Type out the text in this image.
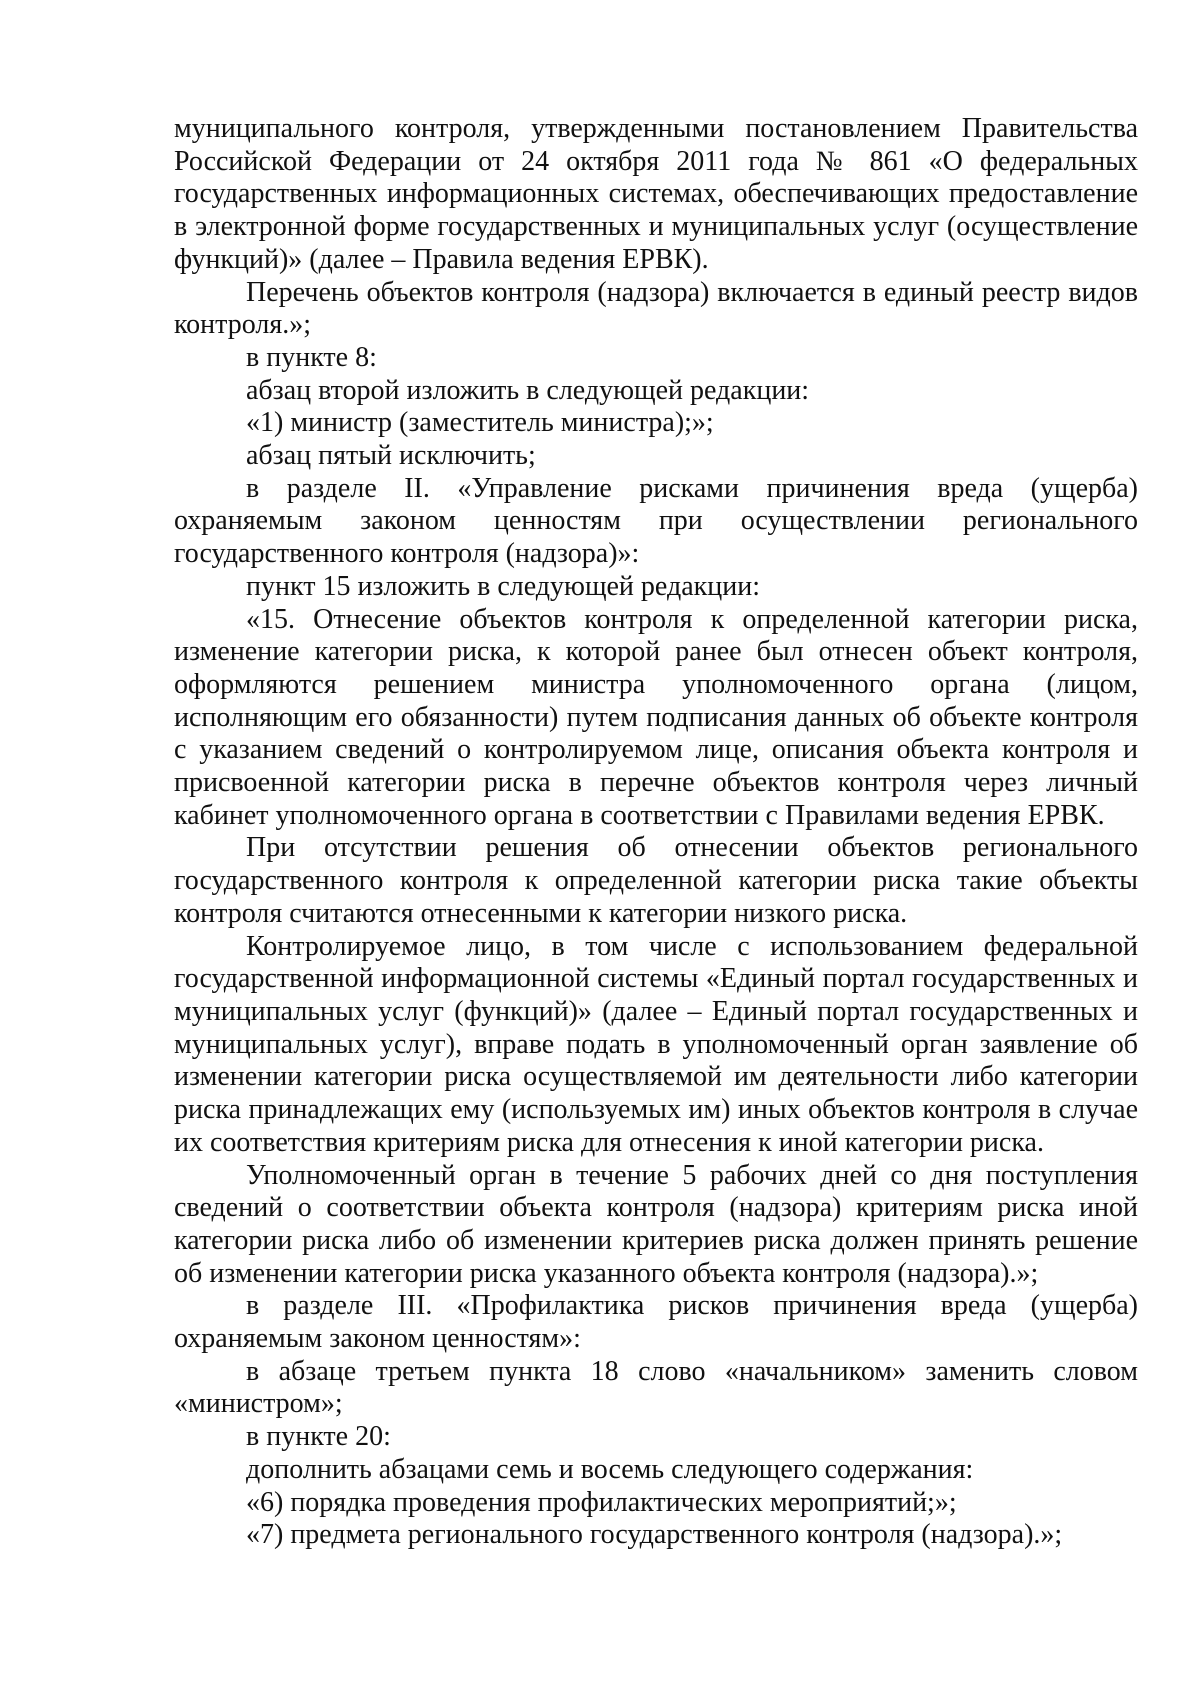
муниципального контроля, утвержденными постановлением Правительства Российской Федерации от 24 октября 2011 года № 861 «О федеральных государственных информационных системах, обеспечивающих предоставление в электронной форме государственных и муниципальных услуг (осуществление функций)» (далее – Правила ведения ЕРВК).

Перечень объектов контроля (надзора) включается в единый реестр видов контроля.»;

в пункте 8:

абзац второй изложить в следующей редакции:

«1) министр (заместитель министра);»;

абзац пятый исключить;

в разделе II. «Управление рисками причинения вреда (ущерба) охраняемым законом ценностям при осуществлении регионального государственного контроля (надзора)»:

пункт 15 изложить в следующей редакции:

«15. Отнесение объектов контроля к определенной категории риска, изменение категории риска, к которой ранее был отнесен объект контроля, оформляются решением министра уполномоченного органа (лицом, исполняющим его обязанности) путем подписания данных об объекте контроля с указанием сведений о контролируемом лице, описания объекта контроля и присвоенной категории риска в перечне объектов контроля через личный кабинет уполномоченного органа в соответствии с Правилами ведения ЕРВК.

При отсутствии решения об отнесении объектов регионального государственного контроля к определенной категории риска такие объекты контроля считаются отнесенными к категории низкого риска.

Контролируемое лицо, в том числе с использованием федеральной государственной информационной системы «Единый портал государственных и муниципальных услуг (функций)» (далее – Единый портал государственных и муниципальных услуг), вправе подать в уполномоченный орган заявление об изменении категории риска осуществляемой им деятельности либо категории риска принадлежащих ему (используемых им) иных объектов контроля в случае их соответствия критериям риска для отнесения к иной категории риска.

Уполномоченный орган в течение 5 рабочих дней со дня поступления сведений о соответствии объекта контроля (надзора) критериям риска иной категории риска либо об изменении критериев риска должен принять решение об изменении категории риска указанного объекта контроля (надзора).»;

в разделе III. «Профилактика рисков причинения вреда (ущерба) охраняемым законом ценностям»:

в абзаце третьем пункта 18 слово «начальником» заменить словом «министром»;

в пункте 20:

дополнить абзацами семь и восемь следующего содержания:

«6) порядка проведения профилактических мероприятий;»;

«7) предмета регионального государственного контроля (надзора).»;
